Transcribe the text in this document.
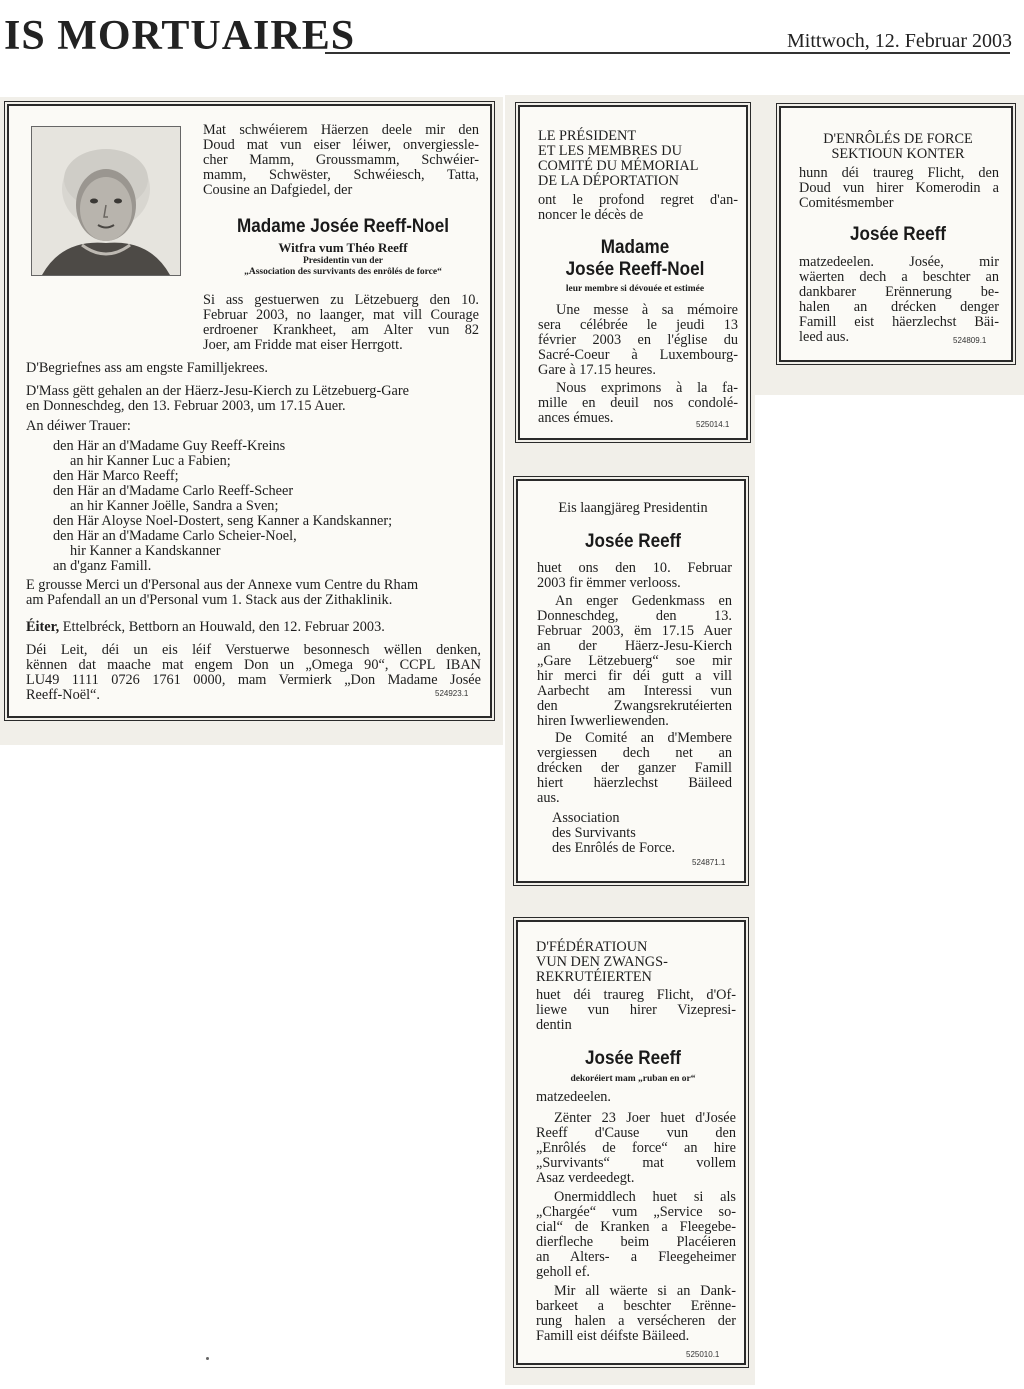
IS MORTUAIRES	Mittwoch, 12. Februar 2003
Mat schwéierem Häerzen deele mir den
Doud mat vun eiser léiwer, onvergiessle-
cher Mamm, Groussmamm, Schwéier-
mamm, Schwëster, Schwéiesch, Tatta,
Cousine an Dafgiedel, der
Madame Josée Reeff-Noel
Witfra vum Théo Reeff
Presidentin vun der
„Association des survivants des enrôlés de force“
Si ass gestuerwen zu Lëtzebuerg den 10.
Februar 2003, no laanger, mat vill Courage
erdroener Krankheet, am Alter vun 82
Joer, am Fridde mat eiser Herrgott.
D'Begriefnes ass am engste Familljekrees.
D'Mass gëtt gehalen an der Häerz-Jesu-Kierch zu Lëtzebuerg-Gare
en Donneschdeg, den 13. Februar 2003, um 17.15 Auer.
An déiwer Trauer:
den Här an d'Madame Guy Reeff-Kreins
an hir Kanner Luc a Fabien;
den Här Marco Reeff;
den Här an d'Madame Carlo Reeff-Scheer
an hir Kanner Joëlle, Sandra a Sven;
den Här Aloyse Noel-Dostert, seng Kanner a Kandskanner;
den Här an d'Madame Carlo Scheier-Noel,
hir Kanner a Kandskanner
an d'ganz Famill.
E grousse Merci un d'Personal aus der Annexe vum Centre du Rham
am Pafendall an un d'Personal vum 1. Stack aus der Zithaklinik.
Éiter, Ettelbréck, Bettborn an Houwald, den 12. Februar 2003.
Déi Leit, déi un eis léif Verstuerwe besonnesch wëllen denken,
kënnen dat maache mat engem Don un „Omega 90“, CCPL IBAN
LU49 1111 0726 1761 0000, mam Vermierk „Don Madame Josée
Reeff-Noël“.	524923.1
LE PRÉSIDENT
ET LES MEMBRES DU
COMITÉ DU MÉMORIAL
DE LA DÉPORTATION
ont le profond regret d'an-
noncer le décès de
Madame
Josée Reeff-Noel
leur membre si dévouée et estimée
Une messe à sa mémoire
sera célébrée le jeudi 13
février 2003 en l'église du
Sacré-Coeur à Luxembourg-
Gare à 17.15 heures.
Nous exprimons à la fa-
mille en deuil nos condolé-
ances émues.	525014.1
D'ENRÔLÉS DE FORCE
SEKTIOUN KONTER
hunn déi traureg Flicht, den
Doud vun hirer Komerodin a
Comitésmember
Josée Reeff
matzedeelen. Josée, mir
wäerten dech a beschter an
dankbarer Erënnerung be-
halen an drécken denger
Famill eist häerzlechst Bäi-
leed aus.	524809.1
Eis laangjäreg Presidentin
Josée Reeff
huet ons den 10. Februar
2003 fir ëmmer verlooss.
An enger Gedenkmass en
Donneschdeg, den 13.
Februar 2003, ëm 17.15 Auer
an der Häerz-Jesu-Kierch
„Gare Lëtzebuerg“ soe mir
hir merci fir déi gutt a vill
Aarbecht am Interessi vun
den Zwangsrekrutéierten
hiren Iwwerliewenden.
De Comité an d'Membere
vergiessen dech net an
drécken der ganzer Famill
hiert häerzlechst Bäileed
aus.
Association
des Survivants
des Enrôlés de Force.
524871.1
D'FÉDÉRATIOUN
VUN DEN ZWANGS-
REKRUTÉIERTEN
huet déi traureg Flicht, d'Of-
liewe vun hirer Vizepresi-
dentin
Josée Reeff
dekoréiert mam „ruban en or“
matzedeelen.
Zënter 23 Joer huet d'Josée
Reeff d'Cause vun den
„Enrôlés de force“ an hire
„Survivants“ mat vollem
Asaz verdeedegt.
Onermiddlech huet si als
„Chargée“ vum „Service so-
cial“ de Kranken a Fleegebe-
dierfleche beim Placéieren
an Alters- a Fleegeheimer
geholl ef.
Mir all wäerte si an Dank-
barkeet a beschter Erënne-
rung halen a versécheren der
Famill eist déifste Bäileed.
525010.1
